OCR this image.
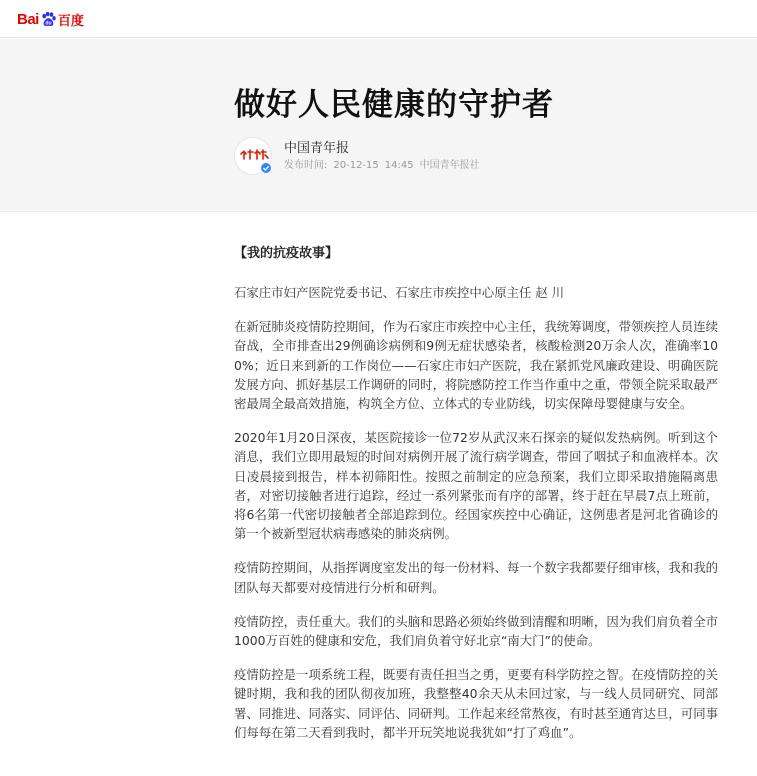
Bai du 百度
做好人民健康的守护者
中国青年报
发布时间: 20-12-15 14:45 中国青年报社
【我的抗疫故事】

石家庄市妇产医院党委书记、石家庄市疾控中心原主任 赵 川

在新冠肺炎疫情防控期间，作为石家庄市疾控中心主任，我统筹调度，带领疾控人员连续奋战，全市排查出29例确诊病例和9例无症状感染者，核酸检测20万余人次，准确率100%；近日来到新的工作岗位——石家庄市妇产医院，我在紧抓党风廉政建设、明确医院发展方向、抓好基层工作调研的同时，将院感防控工作当作重中之重，带领全院采取最严密最周全最高效措施，构筑全方位、立体式的专业防线，切实保障母婴健康与安全。

2020年1月20日深夜，某医院接诊一位72岁从武汉来石探亲的疑似发热病例。听到这个消息，我们立即用最短的时间对病例开展了流行病学调查，带回了咽拭子和血液样本。次日凌晨接到报告，样本初筛阳性。按照之前制定的应急预案，我们立即采取措施隔离患者，对密切接触者进行追踪，经过一系列紧张而有序的部署，终于赶在早晨7点上班前，将6名第一代密切接触者全部追踪到位。经国家疾控中心确证，这例患者是河北省确诊的第一个被新型冠状病毒感染的肺炎病例。

疫情防控期间，从指挥调度室发出的每一份材料、每一个数字我都要仔细审核，我和我的团队每天都要对疫情进行分析和研判。

疫情防控，责任重大。我们的头脑和思路必须始终做到清醒和明晰，因为我们肩负着全市1000万百姓的健康和安危，我们肩负着守好北京“南大门”的使命。

疫情防控是一项系统工程，既要有责任担当之勇，更要有科学防控之智。在疫情防控的关键时期，我和我的团队彻夜加班，我整整40余天从未回过家，与一线人员同研究、同部署、同推进、同落实、同评估、同研判。工作起来经常熬夜，有时甚至通宵达旦，可同事们每每在第二天看到我时，都半开玩笑地说我犹如“打了鸡血”。
